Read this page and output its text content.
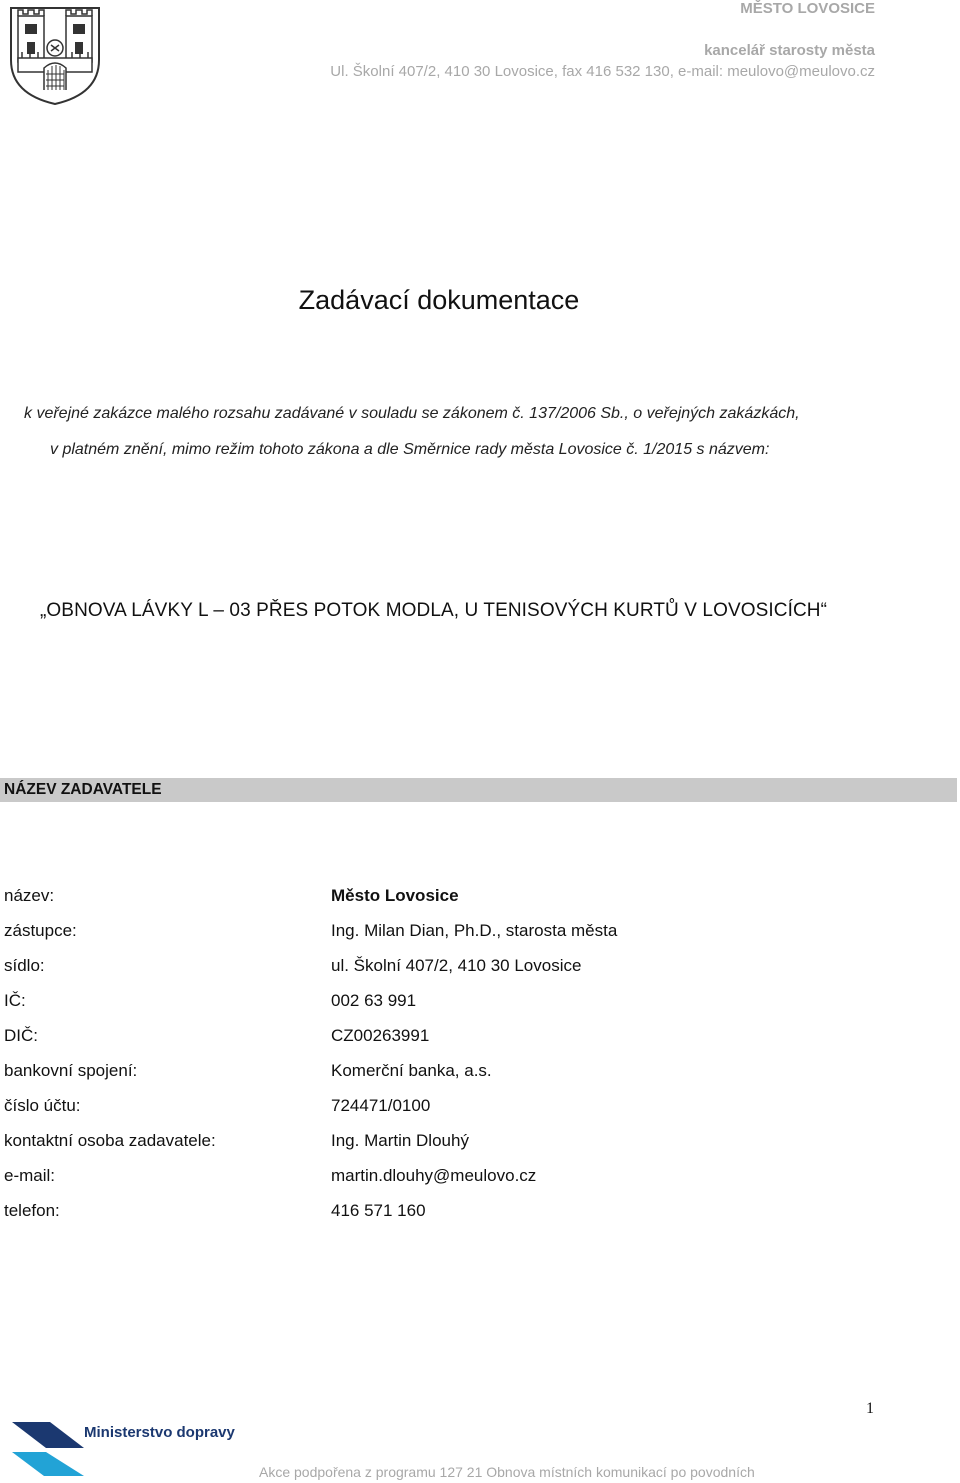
MĚSTO LOVOSICE
kancelář starosty města
Ul. Školní 407/2, 410 30 Lovosice, fax 416 532 130, e-mail: meulovo@meulovo.cz
Zadávací dokumentace
k veřejné zakázce malého rozsahu zadávané v souladu se zákonem č. 137/2006 Sb., o veřejných zakázkách,
v platném znění, mimo režim tohoto zákona a dle Směrnice rady města Lovosice č. 1/2015 s názvem:
„OBNOVA LÁVKY L – 03 PŘES POTOK MODLA, U TENISOVÝCH KURTŮ V LOVOSICÍCH“
NÁZEV ZADAVATELE
název:	Město Lovosice
zástupce:	Ing. Milan Dian, Ph.D., starosta města
sídlo:	ul. Školní 407/2, 410 30 Lovosice
IČ:	002 63 991
DIČ:	CZ00263991
bankovní spojení:	Komerční banka, a.s.
číslo účtu:	724471/0100
kontaktní osoba zadavatele:	Ing. Martin Dlouhý
e-mail:	martin.dlouhy@meulovo.cz
telefon:	416 571 160
1
Ministerstvo dopravy
Akce podpořena z programu 127 21 Obnova místních komunikací po povodních
